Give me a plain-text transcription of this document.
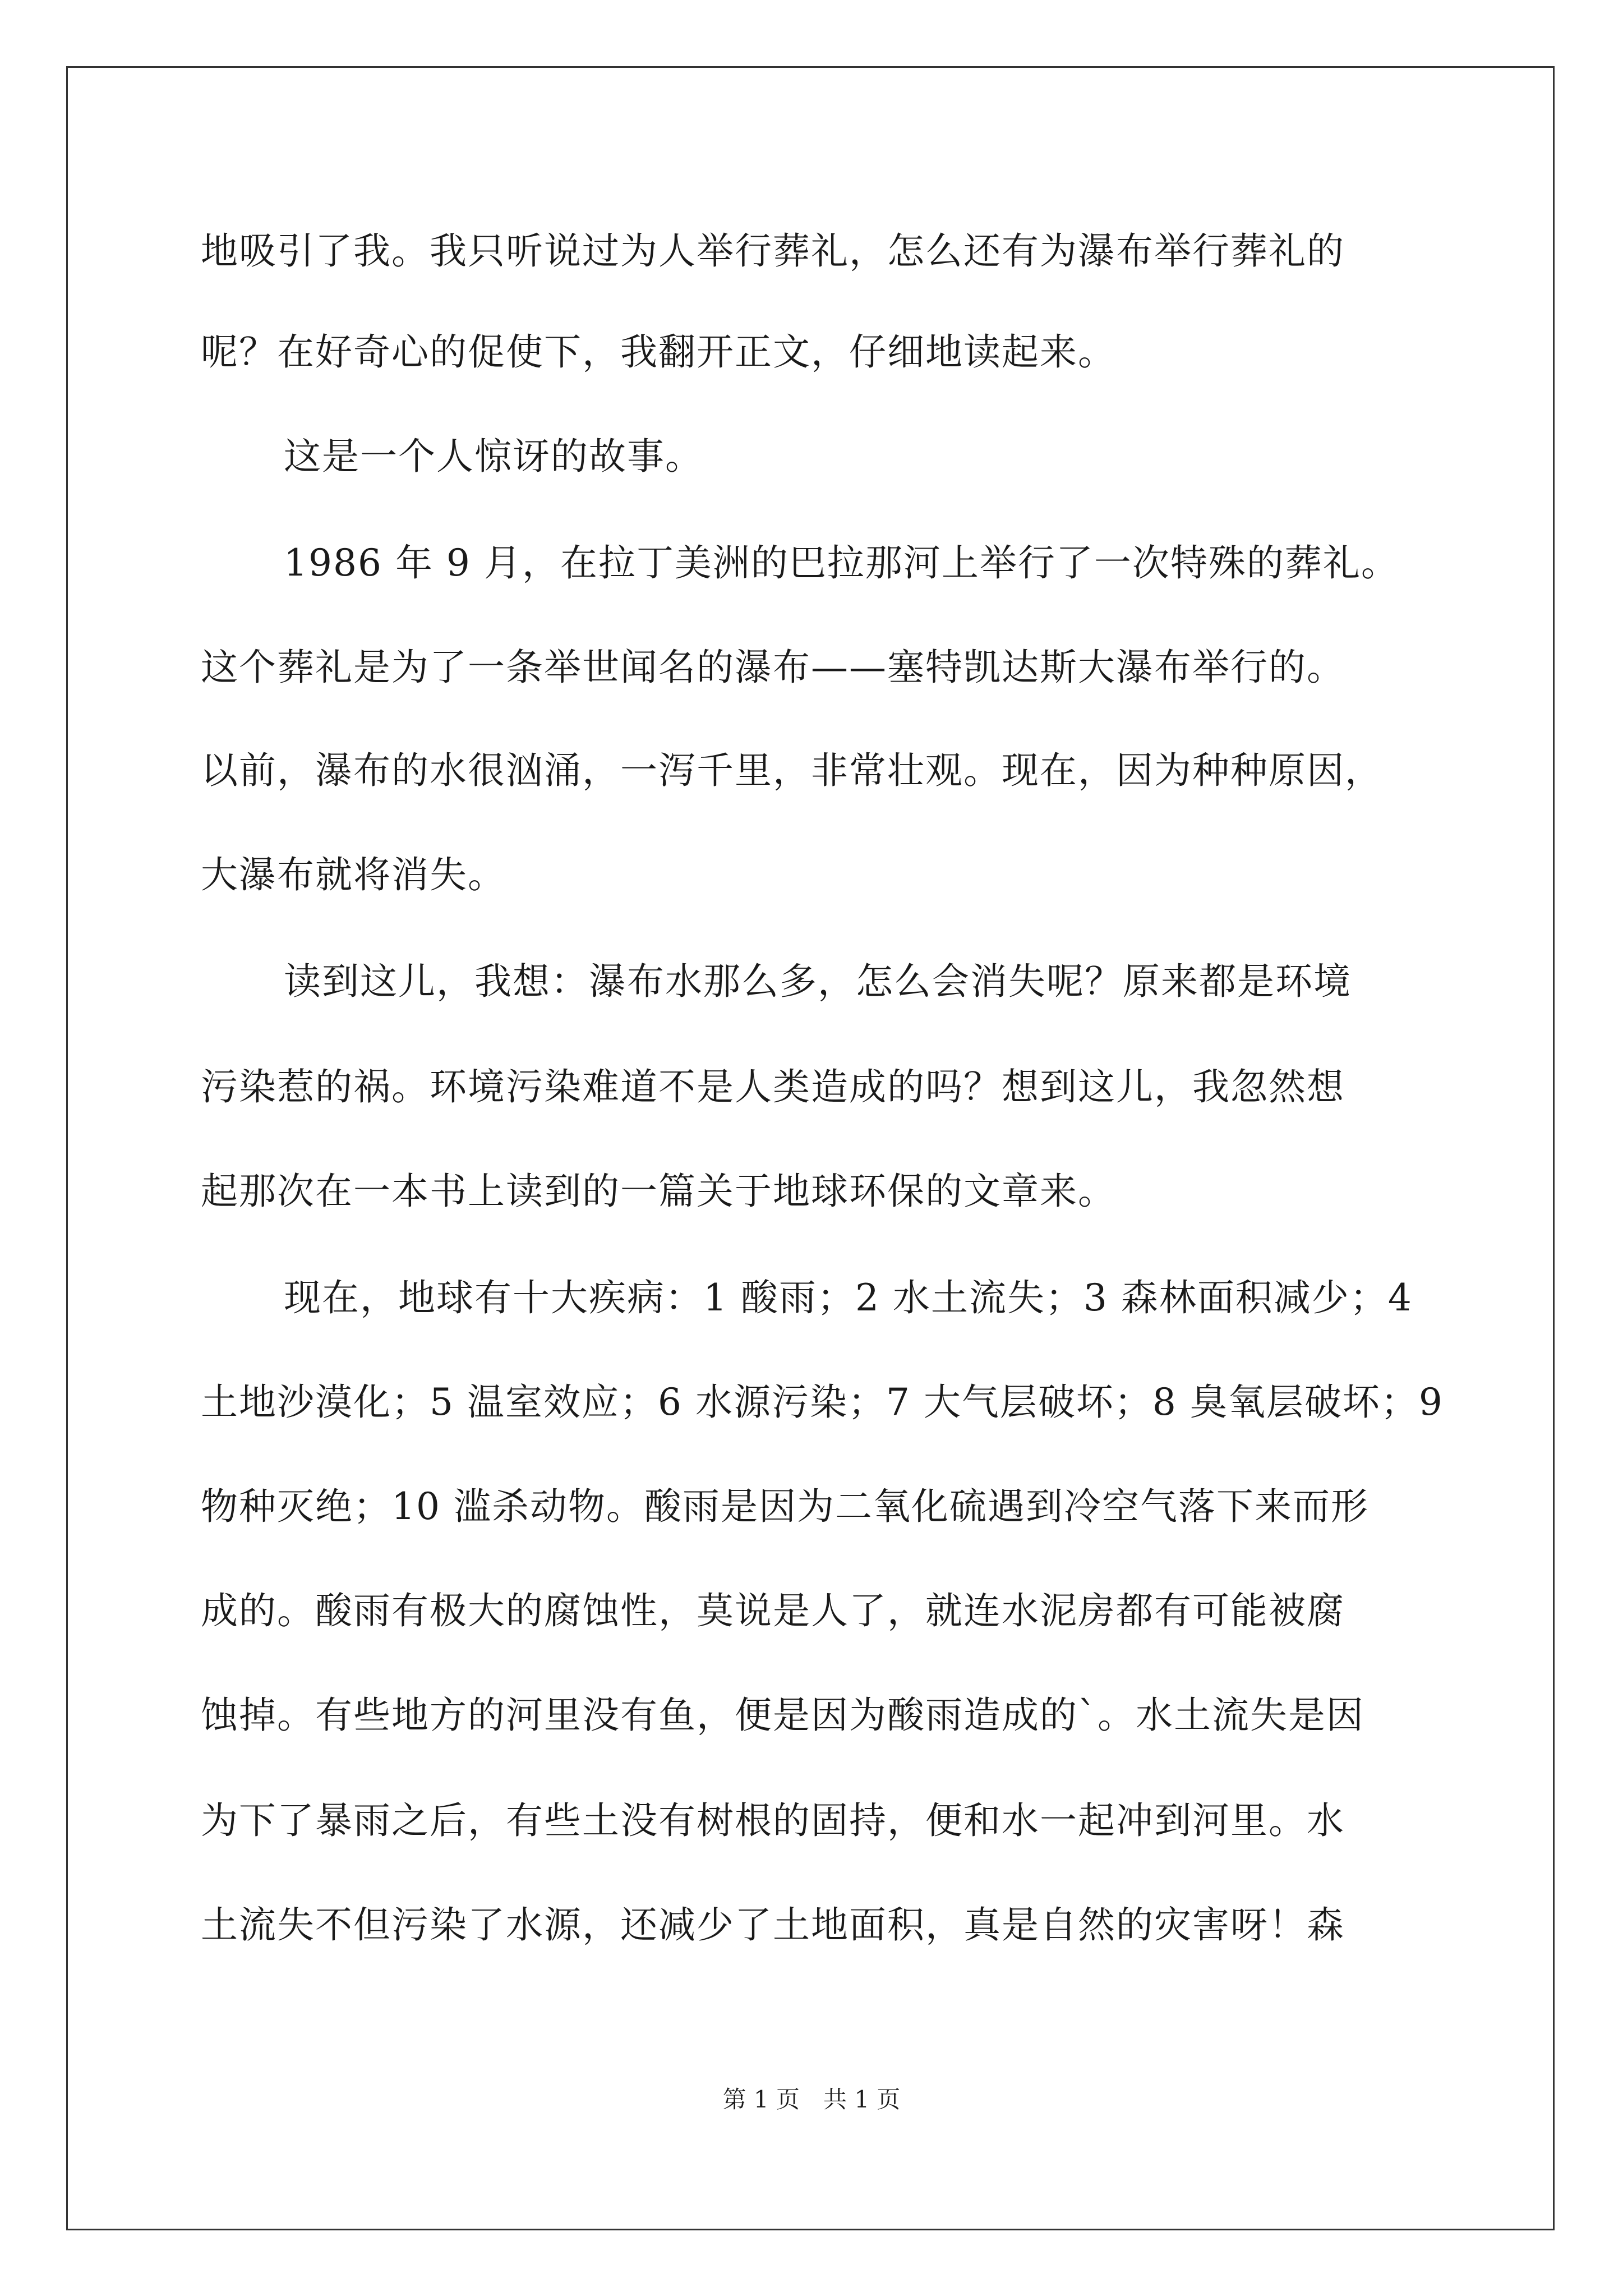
地吸引了我。我只听说过为人举行葬礼，怎么还有为瀑布举行葬礼的
呢？在好奇心的促使下，我翻开正文，仔细地读起来。
这是一个人惊讶的故事。
1986 年 9 月，在拉丁美洲的巴拉那河上举行了一次特殊的葬礼。
这个葬礼是为了一条举世闻名的瀑布——塞特凯达斯大瀑布举行的。
以前，瀑布的水很汹涌，一泻千里，非常壮观。现在，因为种种原因，
大瀑布就将消失。
读到这儿，我想：瀑布水那么多，怎么会消失呢？原来都是环境
污染惹的祸。环境污染难道不是人类造成的吗？想到这儿，我忽然想
起那次在一本书上读到的一篇关于地球环保的文章来。
现在，地球有十大疾病：1 酸雨；2 水土流失；3 森林面积减少；4
土地沙漠化；5 温室效应；6 水源污染；7 大气层破坏；8 臭氧层破坏；9
物种灭绝；10 滥杀动物。酸雨是因为二氧化硫遇到冷空气落下来而形
成的。酸雨有极大的腐蚀性，莫说是人了，就连水泥房都有可能被腐
蚀掉。有些地方的河里没有鱼，便是因为酸雨造成的`。水土流失是因
为下了暴雨之后，有些土没有树根的固持，便和水一起冲到河里。水
土流失不但污染了水源，还减少了土地面积，真是自然的灾害呀！森
第 1 页　共 1 页
